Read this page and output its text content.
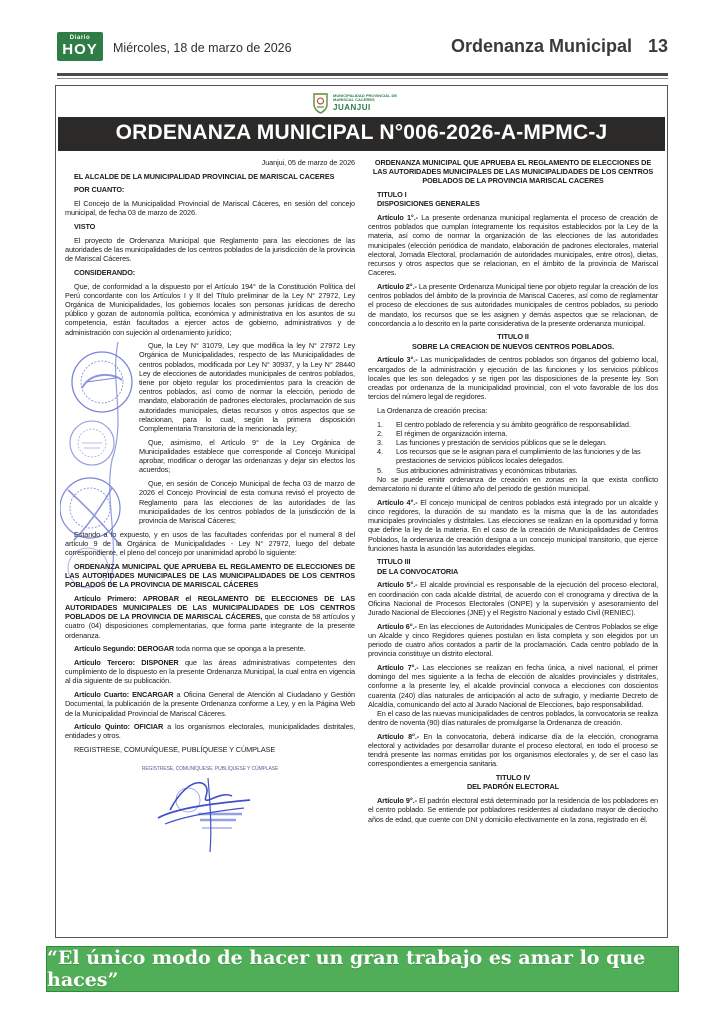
Diario
HOY	Miércoles, 18 de marzo de 2026	Ordenanza Municipal 13
MUNICIPALIDAD PROVINCIAL DE MARISCAL CACERES
JUANJUI
ORDENANZA MUNICIPAL N°006-2026-A-MPMC-J

Juanjui, 05 de marzo de 2026

EL ALCALDE DE LA MUNICIPALIDAD PROVINCIAL DE MARISCAL CACERES

POR CUANTO:

El Concejo de la Municipalidad Provincial de Mariscal Cáceres, en sesión del concejo municipal, de fecha 03 de marzo de 2026.

VISTO

El proyecto de Ordenanza Municipal que Reglamento para las elecciones de las autoridades de las municipalidades de los centros poblados de la jurisdicción de la provincia de Mariscal Cáceres.

CONSIDERANDO:

Que, de conformidad a la dispuesto por el Artículo 194° de la Constitución Política del Perú concordante con los Artículos I y II del Título preliminar de la Ley N° 27972, Ley Orgánica de Municipalidades, los gobiernos locales son personas jurídicas de derecho público y gozan de autonomía política, económica y administrativa en los asuntos de su competencia, están facultados a ejercer actos de gobierno, administrativos y de administración con sujeción al ordenamiento jurídico;

Que, la Ley N° 31079, Ley que modifica la ley N° 27972 Ley Orgánica de Municipalidades, respecto de las Municipalidades de centros poblados, modificada por Ley N° 30937, y la Ley N° 28440 Ley de elecciones de autoridades municipales de centros poblados, tiene por objeto regular los procedimientos para la creación de centros poblados, así como de normar la elección, periodo de mandato, elaboración de padrones electorales, proclamación de sus autoridades municipales, dietas recursos y otros aspectos que se relacionan, para lo cual, según la primera disposición Complementaria Transitoria de la mencionada ley;

Que, asimismo, el Artículo 9° de la Ley Orgánica de Municipalidades establece que corresponde al Concejo Municipal aprobar, modificar o derogar las ordenanzas y dejar sin efectos los acuerdos;

Que, en sesión de Concejo Municipal de fecha 03 de marzo de 2026 el Concejo Provincial de esta comuna revisó el proyecto de Reglamento para las elecciones de las autoridades de las municipalidades de los centros poblados de la jurisdicción de la provincia de Mariscal Cáceres;

Estando a lo expuesto, y en usos de las facultades conferidas por el numeral 8 del artículo 9 de la Orgánica de Municipalidades - Ley N° 27972, luego del debate correspondiente, el pleno del concejo por unanimidad aprobó lo siguiente:

ORDENANZA MUNICIPAL QUE APRUEBA EL REGLAMENTO DE ELECCIONES DE LAS AUTORIDADES MUNICIPALES DE LAS MUNICIPALIDADES DE LOS CENTROS POBLADOS DE LA PROVINCIA DE MARISCAL CÁCERES

Artículo Primero: APROBAR el REGLAMENTO DE ELECCIONES DE LAS AUTORIDADES MUNICIPALES DE LAS MUNICIPALIDADES DE LOS CENTROS POBLADOS DE LA PROVINCIA DE MARISCAL CÁCERES, que consta de 58 artículos y cuatro (04) disposiciones complementarias, que forma parte integrante de la presente ordenanza.

Artículo Segundo: DEROGAR toda norma que se oponga a la presente.

Artículo Tercero: DISPONER que las áreas administrativas competentes den cumplimiento de lo dispuesto en la presente Ordenanza Municipal, la cual entra en vigencia al día siguiente de su publicación.

Artículo Cuarto: ENCARGAR a Oficina General de Atención al Ciudadano y Gestión Documental, la publicación de la presente Ordenanza conforme a Ley, y en la Página Web de la Municipalidad Provincial de Mariscal Cáceres.

Artículo Quinto: OFICIAR a los organismos electorales, municipalidades distritales, entidades y otros.

REGISTRESE, COMUNÍQUESE, PUBLÍQUESE Y CÚMPLASE

REGISTRESE, COMUNÍQUESE, PUBLÍQUESE Y CÚMPLASE

ORDENANZA MUNICIPAL QUE APRUEBA EL REGLAMENTO DE ELECCIONES DE LAS AUTORIDADES MUNICIPALES DE LAS MUNICIPALIDADES DE LOS CENTROS POBLADOS DE LA PROVINCIA MARISCAL CACERES

TITULO I

DISPOSICIONES GENERALES

Artículo 1°.- La presente ordenanza municipal reglamenta el proceso de creación de centros poblados que cumplan íntegramente los requisitos establecidos por la Ley de la materia, así como de normar la organización de las elecciones de las autoridades municipales (elección periódica de mandato, elaboración de padrones electorales, material electoral, Jornada Electoral, proclamación de autoridades municipales, entre otros), dietas, recursos y otros aspectos que se relacionan, en el ámbito de la provincia de Mariscal Caceres.

Artículo 2°.- La presente Ordenanza Municipal tiene por objeto regular la creación de los centros poblados del ámbito de la provincia de Mariscal Caceres, así como de reglamentar el proceso de elecciones de sus autoridades municipales de centros poblados, su periodo de mandato, los recursos que se les asignen y demás aspectos que se relacionan, de concordancia a lo descrito en la parte considerativa de la presente ordenanza municipal.

TITULO II

SOBRE LA CREACION DE NUEVOS CENTROS POBLADOS.

Artículo 3°.- Las municipalidades de centros poblados son órganos del gobierno local, encargados de la administración y ejecución de las funciones y los servicios públicos locales que les son delegados y se rigen por las disposiciones de la presente ley. Son creadas por ordenanza de la municipalidad provincial, con el voto favorable de los dos tercios del número legal de regidores.

La Ordenanza de creación precisa:

1.	El centro poblado de referencia y su ámbito geográfico de responsabilidad.

2.	El régimen de organización interna.

3.	Las funciones y prestación de servicios públicos que se le delegan.

4.	Los recursos que se le asignan para el cumplimiento de las funciones y de las prestaciones de servicios públicos locales delegados.

5.	Sus atribuciones administrativas y económicas tributarias.

No se puede emitir ordenanza de creación en zonas en la que exista conflicto demarcatorio ni durante el último año del periodo de gestión municipal.

Artículo 4°.- El concejo municipal de centros poblados está integrado por un alcalde y cinco regidores, la duración de su mandato es la misma que la de las autoridades municipales provinciales y distritales. Las elecciones se realizan en la oportunidad y forma que define la ley de la materia. En el caso de la creación de Municipalidades de Centros Poblados, la ordenanza de creación designa a un concejo municipal transitorio, que ejerce funciones hasta la asunción las autoridades elegidas.

TITULO III

DE LA CONVOCATORIA

Artículo 5°.- El alcalde provincial es responsable de la ejecución del proceso electoral, en coordinación con cada alcalde distrital, de acuerdo con el cronograma y directiva de la Oficina Nacional de Procesos Electorales (ONPE) y la supervisión y asesoramiento del Jurado Nacional de Elecciones (JNE) y el Registro Nacional y estado Civil (RENIEC).

Artículo 6°.- En las elecciones de Autoridades Municipales de Centros Poblados se elige un Alcalde y cinco Regidores quienes postulan en lista completa y son elegidos por un periodo de cuatro años contados a partir de la proclamación. Cada centro poblado de la provincia constituye un distrito electoral.

Artículo 7°.- Las elecciones se realizan en fecha única, a nivel nacional, el primer domingo del mes siguiente a la fecha de elección de alcaldes provinciales y distritales, conforme a la presente ley, el alcalde provincial convoca a elecciones con doscientos cuarenta (240) días naturales de anticipación al acto de sufragio, y mediante Decreto de Alcaldía, comunicando del acto al Jurado Nacional de Elecciones, bajo responsabilidad.

En el caso de las nuevas municipalidades de centros poblados, la convocatoria se realiza dentro de noventa (90) días naturales de promulgarse la Ordenanza de creación.

Artículo 8°.- En la convocatoria, deberá indicarse día de la elección, cronograma electoral y actividades por desarrollar durante el proceso electoral, en todo el proceso se tendrá presente las normas emitidas por los organismos electorales y, de ser el caso las correspondientes a emergencia sanitaria.

TITULO IV

DEL PADRÓN ELECTORAL

Artículo 9°.- El padrón electoral está determinado por la residencia de los pobladores en el centro poblado. Se entiende por pobladores residentes al ciudadano mayor de dieciocho años de edad, que cuente con DNI y domicilio efectivamente en la zona, registrado en él.

“El único modo de hacer un gran trabajo es amar lo que haces”
